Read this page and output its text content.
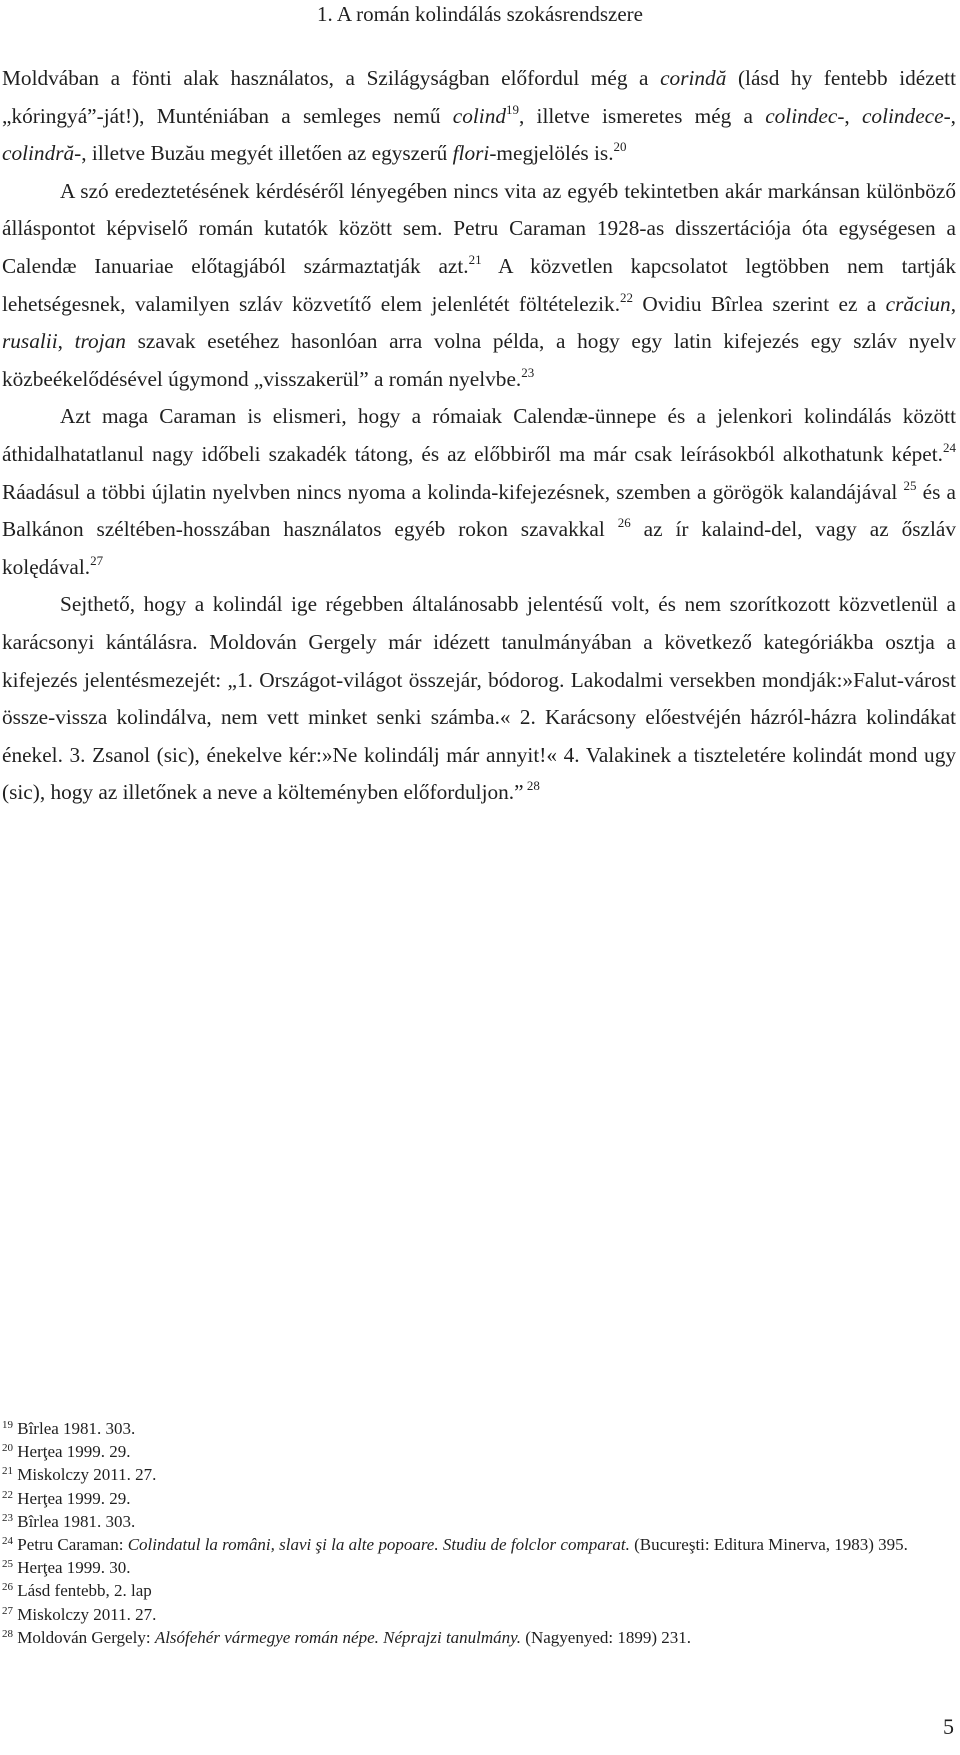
1. A román kolindálás szokásrendszere

Moldvában a fönti alak használatos, a Szilágyságban előfordul még a corindă (lásd hy fentebb idézett „kóringyá”-ját!), Munténiában a semleges nemű colind$^{19}$, illetve ismeretes még a colindec-, colindece-, colindră-, illetve Buzău megyét illetően az egyszerű flori-megjelölés is.$^{20}$

A szó eredeztetésének kérdéséről lényegében nincs vita az egyéb tekintetben akár markánsan különböző álláspontot képviselő román kutatók között sem. Petru Caraman 1928-as disszertációja óta egységesen a Calendæ Ianuariae előtagjából származtatják azt.$^{21}$ A közvetlen kapcsolatot legtöbben nem tartják lehetségesnek, valamilyen szláv közvetítő elem jelenlétét föltételezik.$^{22}$ Ovidiu Bîrlea szerint ez a crăciun, rusalii, trojan szavak esetéhez hasonlóan arra volna példa, a hogy egy latin kifejezés egy szláv nyelv közbeékelődésével úgymond „visszakerül” a román nyelvbe.$^{23}$

Azt maga Caraman is elismeri, hogy a rómaiak Calendæ-ünnepe és a jelenkori kolindálás között áthidalhatatlanul nagy időbeli szakadék tátong, és az előbbiről ma már csak leírásokból alkothatunk képet.$^{24}$ Ráadásul a többi újlatin nyelvben nincs nyoma a kolinda-kifejezésnek, szemben a görögök kalandájával $^{25}$ és a Balkánon széltében-hosszában használatos egyéb rokon szavakkal $^{26}$ az ír kalaind-del, vagy az őszláv kolędával.$^{27}$

Sejthető, hogy a kolindál ige régebben általánosabb jelentésű volt, és nem szorítkozott közvetlenül a karácsonyi kántálásra. Moldován Gergely már idézett tanulmányában a következő kategóriákba osztja a kifejezés jelentésmezejét: „1. Országot-világot összejár, bódorog. Lakodalmi versekben mondják:»Falut-várost össze-vissza kolindálva, nem vett minket senki számba.« 2. Karácsony előestvéjén házról-házra kolindákat énekel. 3. Zsanol (sic), énekelve kér:»Ne kolindálj már annyit!« 4. Valakinek a tiszteletére kolindát mond ugy (sic), hogy az illetőnek a neve a költeményben előforduljon.” $^{28}$

$^{19}$ Bîrlea 1981. 303.

$^{20}$ Herţea 1999. 29.

$^{21}$ Miskolczy 2011. 27.

$^{22}$ Herţea 1999. 29.

$^{23}$ Bîrlea 1981. 303.

$^{24}$ Petru Caraman: Colindatul la români, slavi şi la alte popoare. Studiu de folclor comparat. (Bucureşti: Editura Minerva, 1983) 395.

$^{25}$ Herţea 1999. 30.

$^{26}$ Lásd fentebb, 2. lap

$^{27}$ Miskolczy 2011. 27.

$^{28}$ Moldován Gergely: Alsófehér vármegye román népe. Néprajzi tanulmány. (Nagyenyed: 1899) 231.

5
